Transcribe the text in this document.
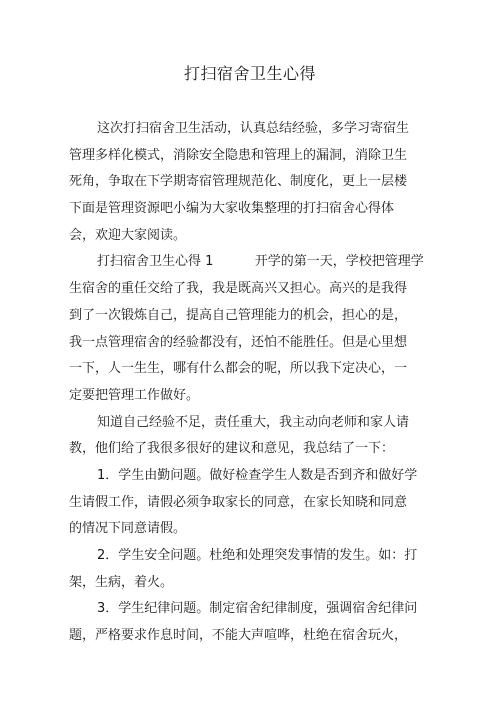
打扫宿舍卫生心得

这次打扫宿舍卫生活动，认真总结经验，多学习寄宿生
管理多样化模式，消除安全隐患和管理上的漏洞，消除卫生
死角，争取在下学期寄宿管理规范化、制度化，更上一层楼
下面是管理资源吧小编为大家收集整理的打扫宿舍心得体
会，欢迎大家阅读。

打扫宿舍卫生心得 1          开学的第一天，学校把管理学
生宿舍的重任交给了我，我是既高兴又担心。高兴的是我得
到了一次锻炼自己，提高自己管理能力的机会，担心的是，
我一点管理宿舍的经验都没有，还怕不能胜任。但是心里想
一下，人一生生，哪有什么都会的呢，所以我下定决心，一
定要把管理工作做好。

知道自己经验不足，责任重大，我主动向老师和家人请
教，他们给了我很多很好的建议和意见，我总结了一下：

1．学生由勤问题。做好检查学生人数是否到齐和做好学
生请假工作，请假必须争取家长的同意，在家长知晓和同意
的情况下同意请假。

2．学生安全问题。杜绝和处理突发事情的发生。如：打
架，生病，着火。

3．学生纪律问题。制定宿舍纪律制度，强调宿舍纪律问
题，严格要求作息时间，不能大声喧哗，杜绝在宿舍玩火，
